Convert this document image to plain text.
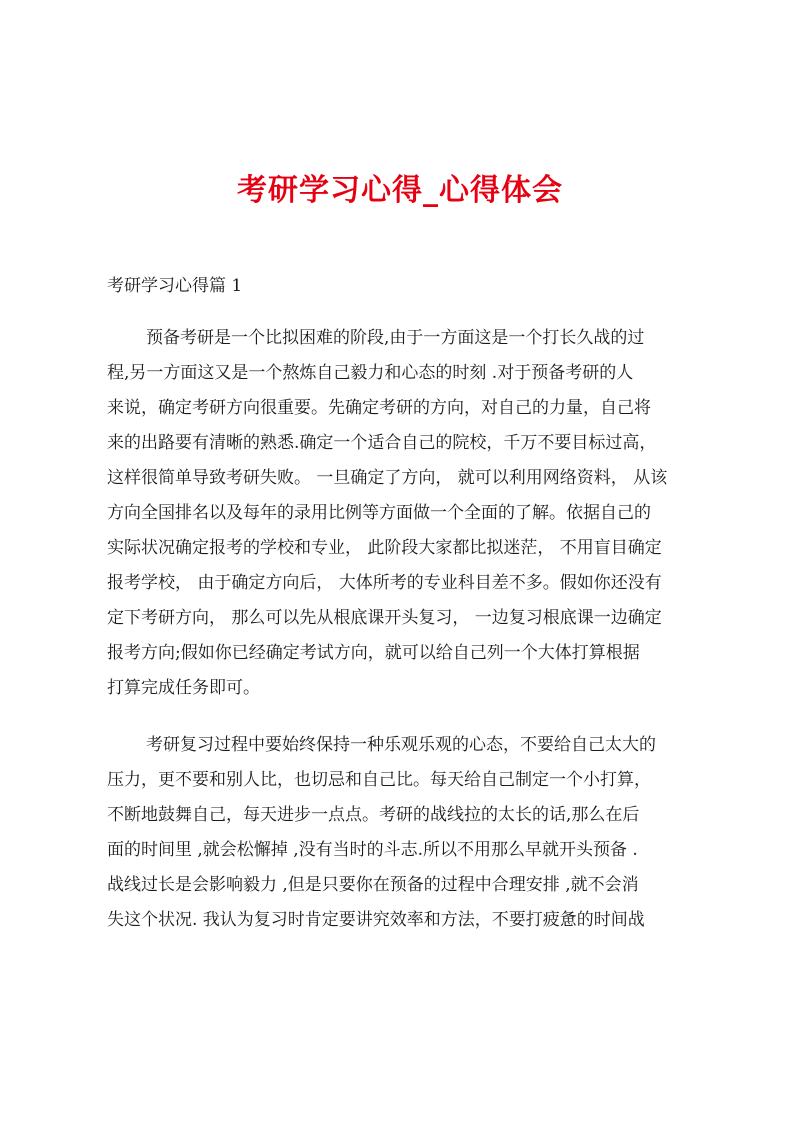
考研学习心得_心得体会
考研学习心得篇 1
预备考研是一个比拟困难的阶段,由于一方面这是一个打长久战的过
程,另一方面这又是一个熬炼自己毅力和心态的时刻 .对于预备考研的人
来说，确定考研方向很重要。先确定考研的方向，对自己的力量，自己将
来的出路要有清晰的熟悉.确定一个适合自己的院校，千万不要目标过高，
这样很简单导致考研失败。 一旦确定了方向， 就可以利用网络资料， 从该
方向全国排名以及每年的录用比例等方面做一个全面的了解。依据自己的
实际状况确定报考的学校和专业， 此阶段大家都比拟迷茫， 不用盲目确定
报考学校， 由于确定方向后， 大体所考的专业科目差不多。假如你还没有
定下考研方向， 那么可以先从根底课开头复习， 一边复习根底课一边确定
报考方向;假如你已经确定考试方向，就可以给自己列一个大体打算根据
打算完成任务即可。
考研复习过程中要始终保持一种乐观乐观的心态，不要给自己太大的
压力，更不要和别人比，也切忌和自己比。每天给自己制定一个小打算，
不断地鼓舞自己，每天进步一点点。考研的战线拉的太长的话,那么在后
面的时间里 ,就会松懈掉 ,没有当时的斗志.所以不用那么早就开头预备 .
战线过长是会影响毅力 ,但是只要你在预备的过程中合理安排 ,就不会消
失这个状况. 我认为复习时肯定要讲究效率和方法，不要打疲惫的时间战
